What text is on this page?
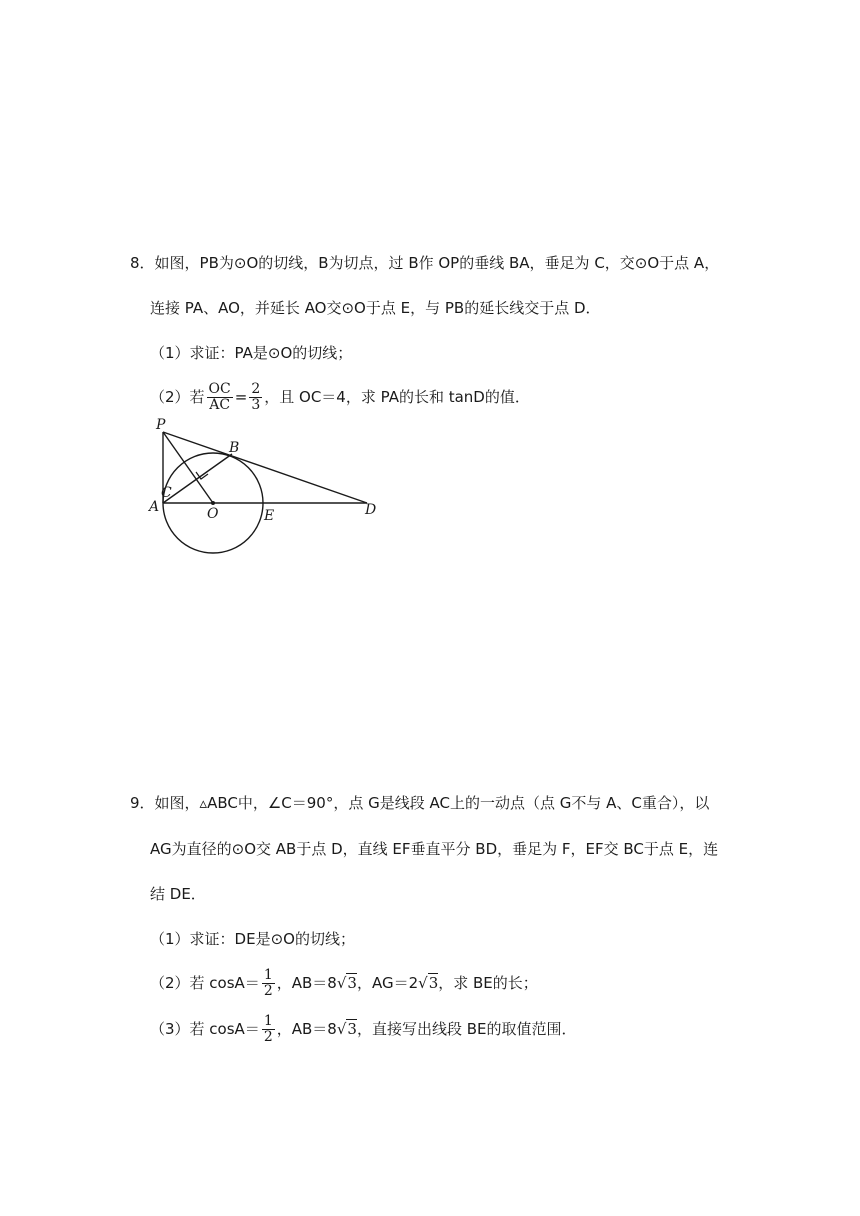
8．如图，PB为⊙O的切线，B为切点，过 B作 OP的垂线 BA，垂足为 C，交⊙O于点 A，
连接 PA、AO，并延长 AO交⊙O于点 E，与 PB的延长线交于点 D．
（1）求证：PA是⊙O的切线；
（2）若 $\frac{OC}{AC} = \frac{2}{3}$ ，且 OC＝4，求 PA的长和 tanD的值．
P
B
C
A	O	E	D
9．如图，▵ABC中，∠C＝90°，点 G是线段 AC上的一动点（点 G不与 A、C重合），以
AG为直径的⊙O交 AB于点 D，直线 EF垂直平分 BD，垂足为 F，EF交 BC于点 E，连
结 DE．
（1）求证：DE是⊙O的切线；
（2）若 $\cos A= \frac{1}{2}$ ，AB＝8√3，AG＝2√3，求 BE的长；
（3）若 $\cos A= \frac{1}{2}$ ，AB＝8√3，直接写出线段 BE的取值范围．
